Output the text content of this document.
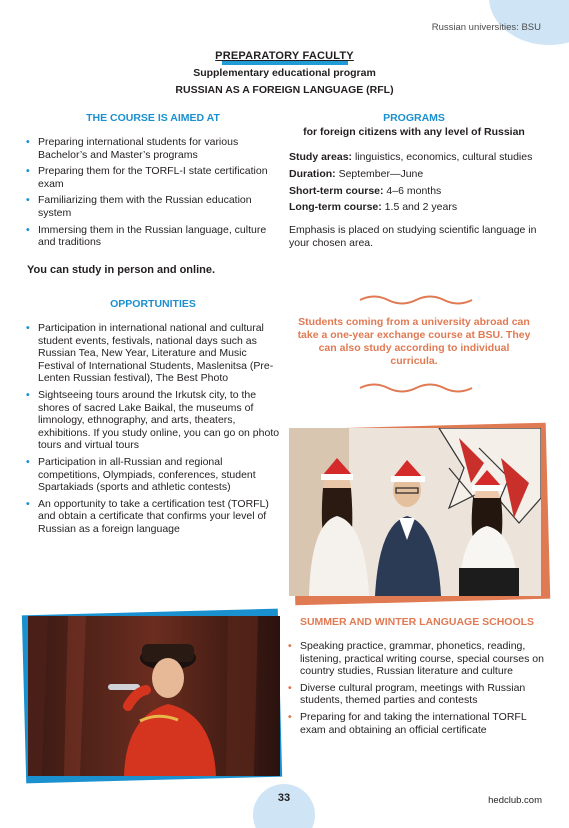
Russian universities: BSU
PREPARATORY FACULTY
Supplementary educational program
RUSSIAN AS A FOREIGN LANGUAGE (RFL)
THE COURSE IS AIMED AT
• Preparing international students for various Bachelor’s and Master’s programs
• Preparing them for the TORFL-I state certification exam
• Familiarizing them with the Russian education system
• Immersing them in the Russian language, culture and traditions
You can study in person and online.
PROGRAMS
for foreign citizens with any level of Russian
Study areas: linguistics, economics, cultural studies
Duration: September—June
Short-term course: 4–6 months
Long-term course: 1.5 and 2 years
Emphasis is placed on studying scientific language in your chosen area.
OPPORTUNITIES
• Participation in international national and cultural student events, festivals, national days such as Russian Tea, New Year, Literature and Music Festival of International Students, Maslenitsa (Pre-Lenten Russian festival), The Best Photo
• Sightseeing tours around the Irkutsk city, to the shores of sacred Lake Baikal, the museums of limnology, ethnography, and arts, theaters, exhibitions. If you study online, you can go on photo tours and virtual tours
• Participation in all-Russian and regional competitions, Olympiads, conferences, student Spartakiads (sports and athletic contests)
• An opportunity to take a certification test (TORFL) and obtain a certificate that confirms your level of Russian as a foreign language
Students coming from a university abroad can take a one-year exchange course at BSU. They can also study according to individual curricula.
SUMMER AND WINTER LANGUAGE SCHOOLS
• Speaking practice, grammar, phonetics, reading, listening, practical writing course, special courses on country studies, Russian literature and culture
• Diverse cultural program, meetings with Russian students, themed parties and contests
• Preparing for and taking the international TORFL exam and obtaining an official certificate
33	hedclub.com
